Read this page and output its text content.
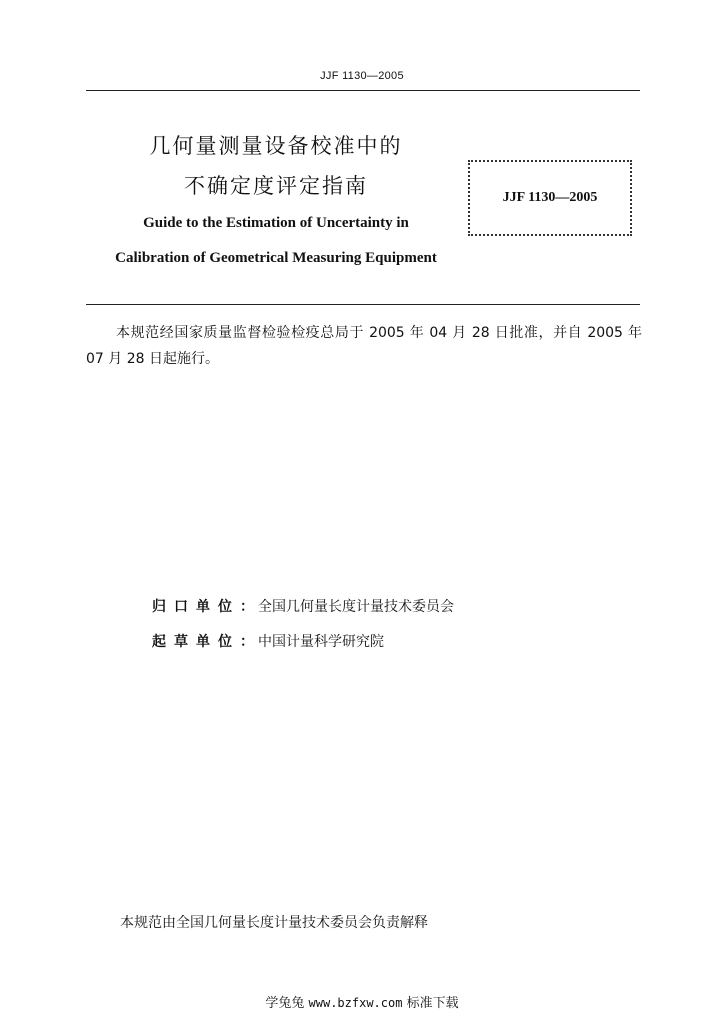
JJF 1130—2005
几何量测量设备校准中的
不确定度评定指南	JJF 1130—2005
Guide to the Estimation of Uncertainty in
Calibration of Geometrical Measuring Equipment
本规范经国家质量监督检验检疫总局于 2005 年 04 月 28 日批准，并自 2005 年 07 月 28 日起施行。
归口单位：全国几何量长度计量技术委员会
起草单位：中国计量科学研究院
本规范由全国几何量长度计量技术委员会负责解释
学兔兔 www.bzfxw.com 标准下载
